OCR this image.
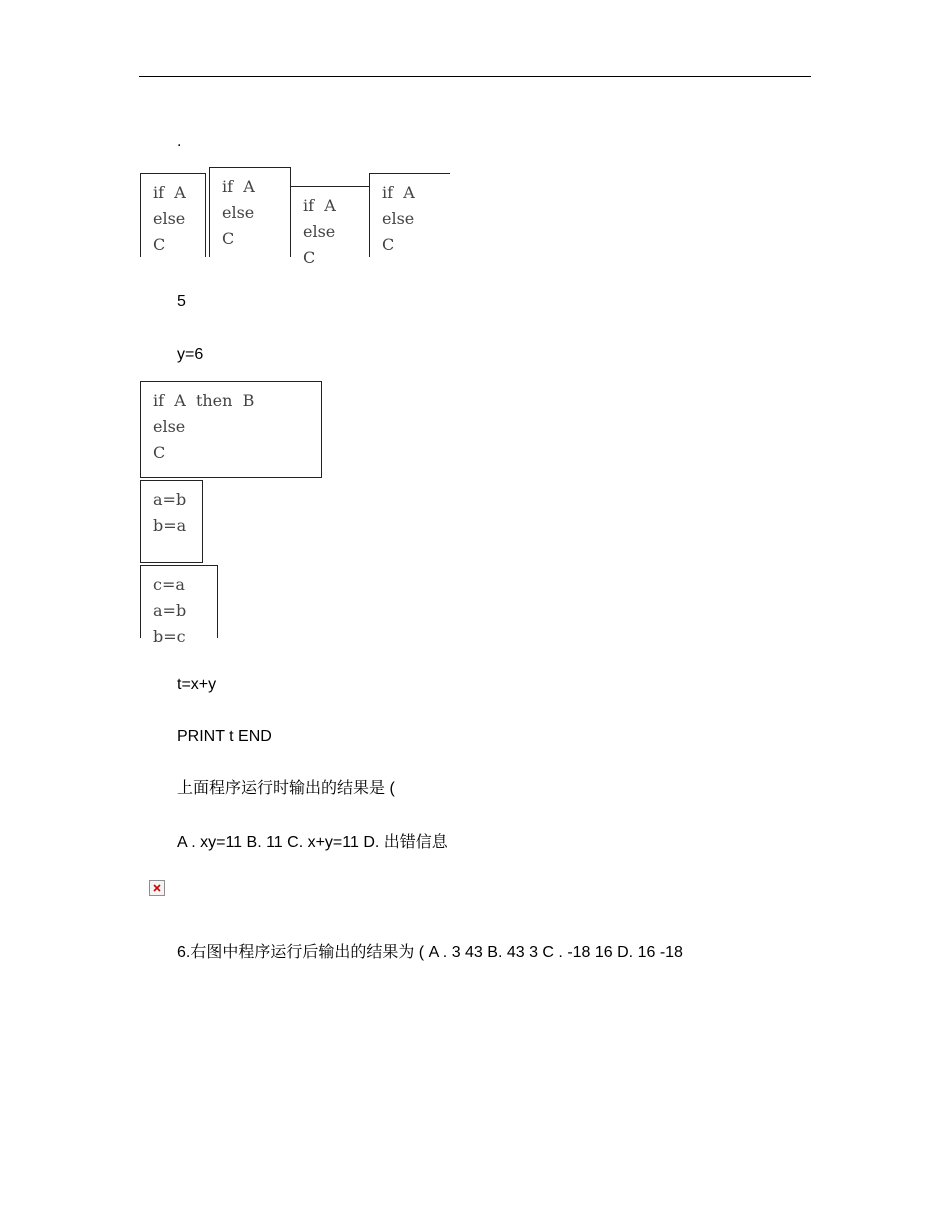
.
if  A
else
C
if  A
else
C
if  A
else
C
if  A
else
C
5
y=6
if  A  then  B
else
C
a=b
b=a
c=a
a=b
b=c
t=x+y
PRINT t END
上面程序运行时输出的结果是 (
A . xy=11 B. 11 C. x+y=11 D. 出错信息
6.右图中程序运行后输出的结果为 ( A . 3 43 B. 43 3 C . -18 16 D. 16 -18
